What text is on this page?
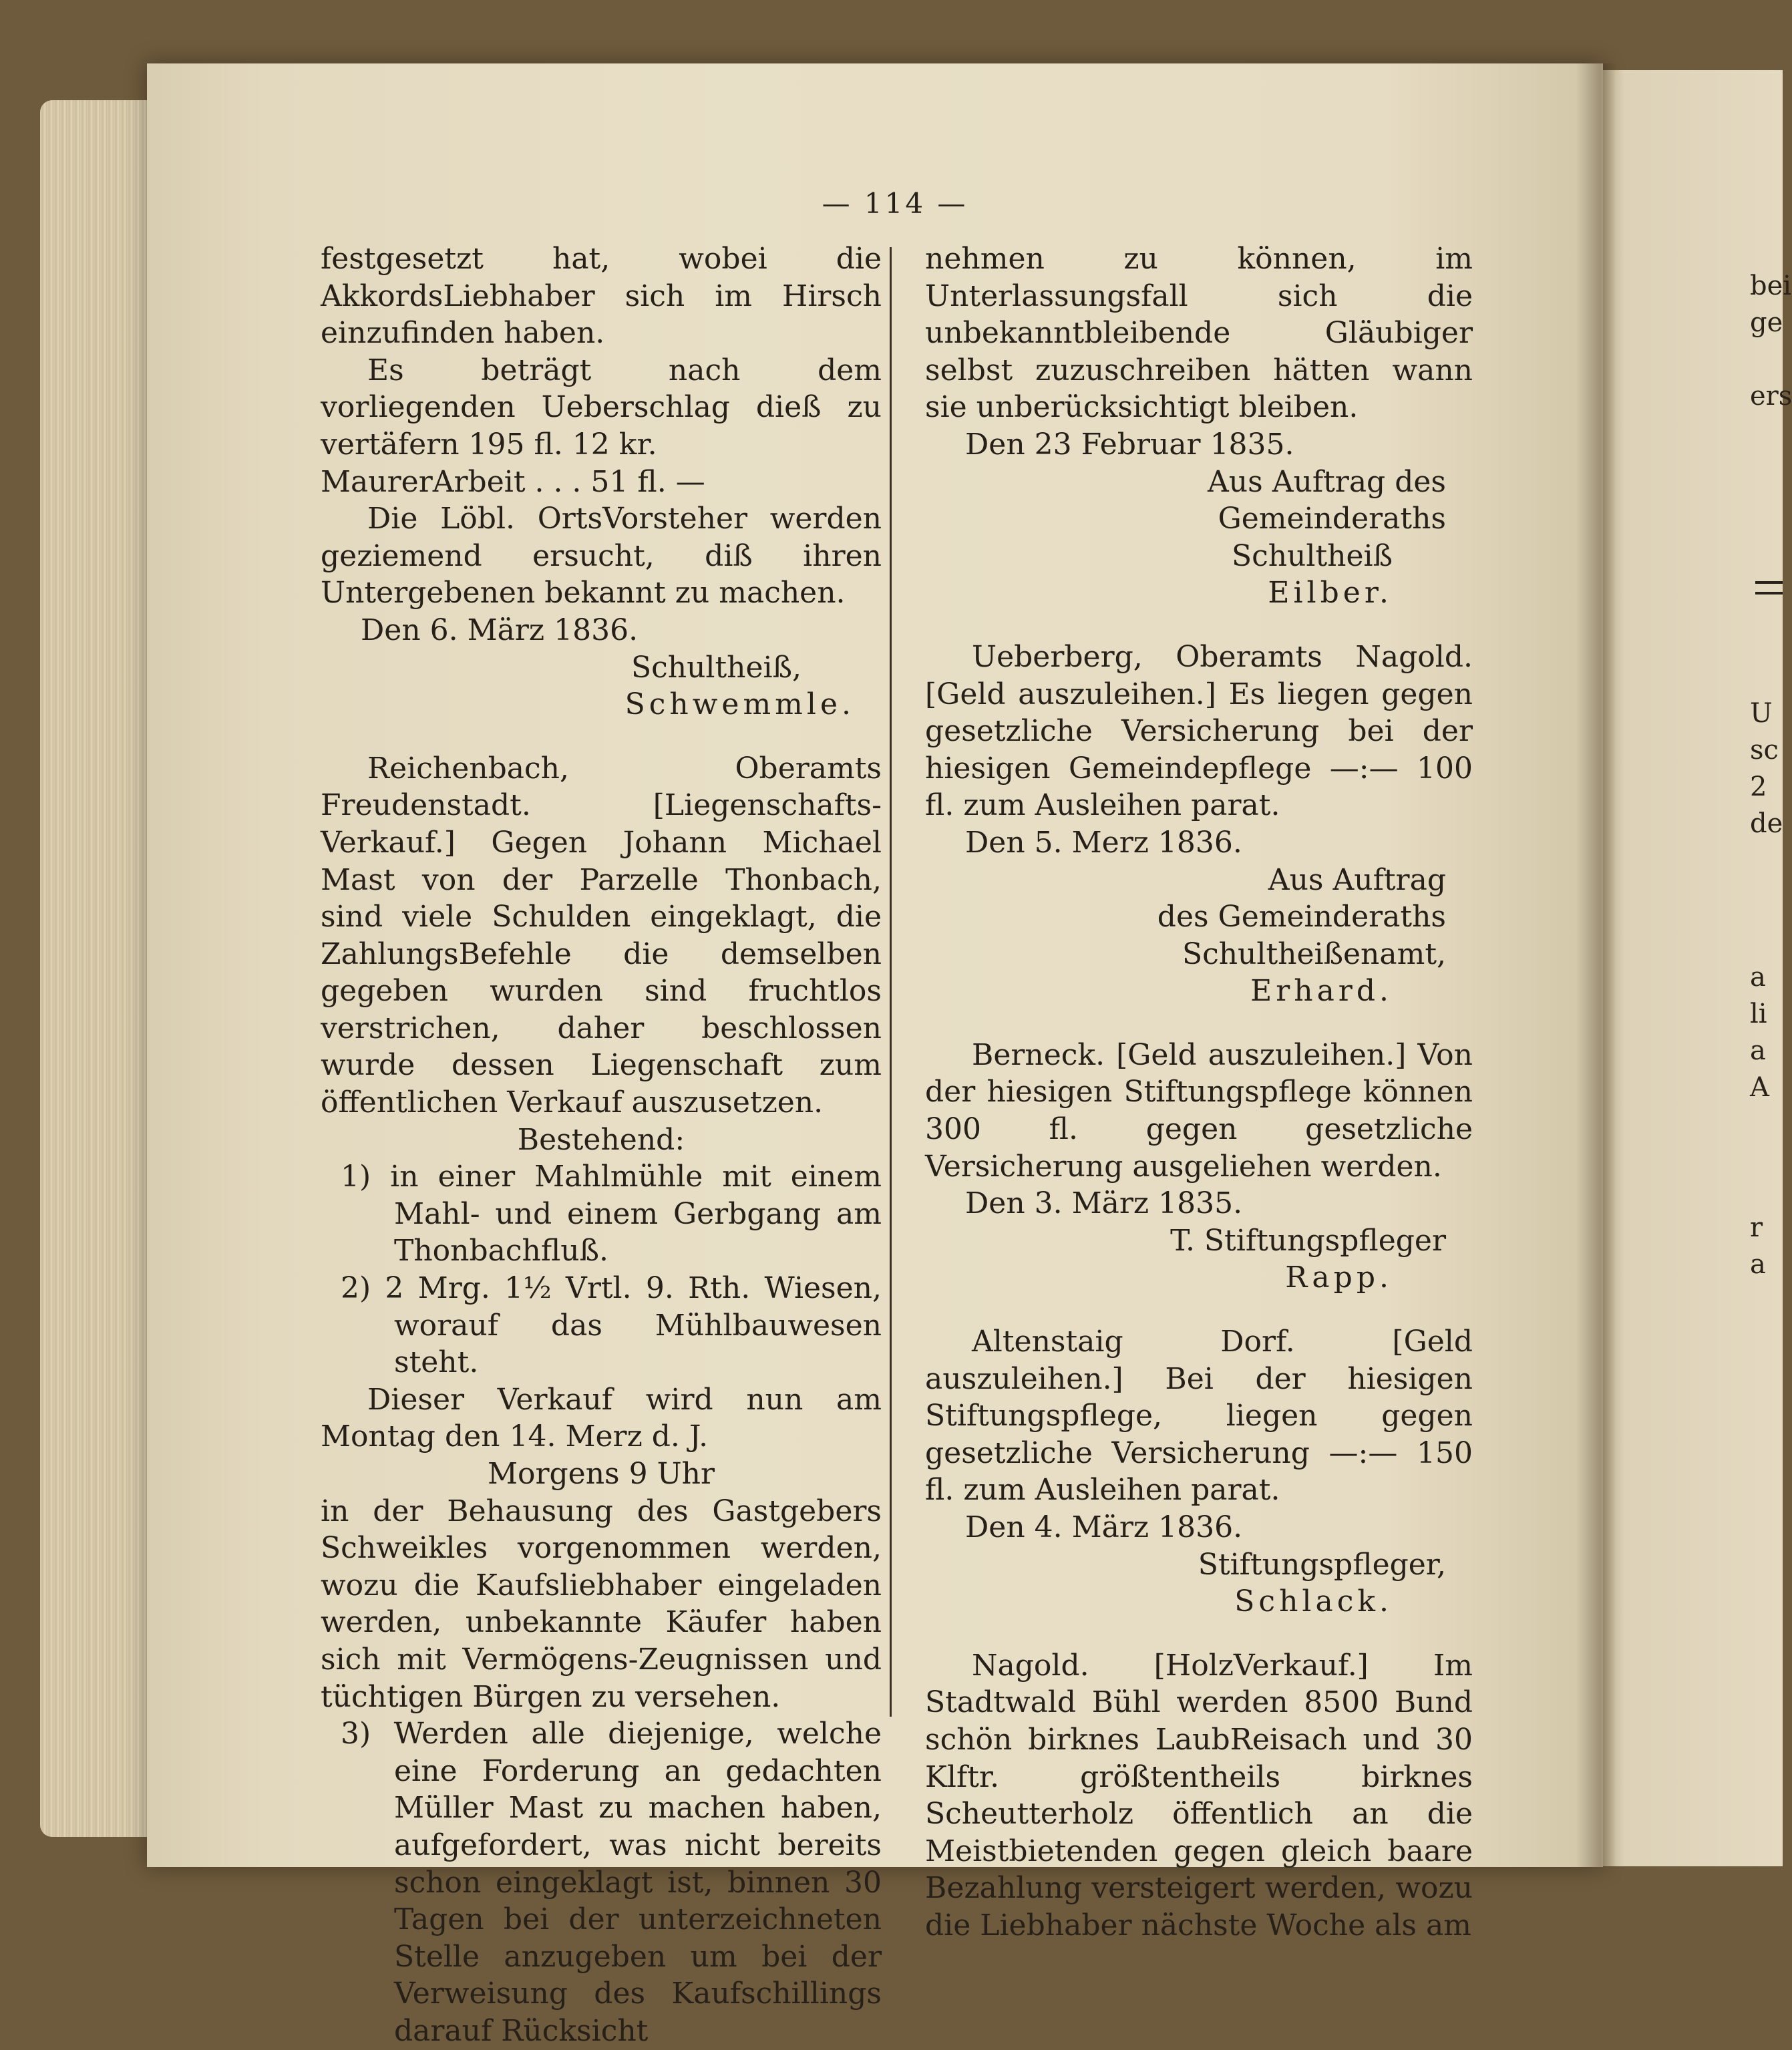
— 114 —

festgesetzt hat, wobei die AkkordsLiebhaber sich im Hirsch einzufinden haben.

Es beträgt nach dem vorliegenden Ueberschlag dieß zu vertäfern 195 fl. 12 kr.

MaurerArbeit . . . 51 fl. —

Die Löbl. OrtsVorsteher werden geziemend ersucht, diß ihren Untergebenen bekannt zu machen.

Den 6. März 1836.

Schultheiß,

Schwemmle.

Reichenbach, Oberamts Freudenstadt. [Liegenschafts-Verkauf.] Gegen Johann Michael Mast von der Parzelle Thonbach, sind viele Schulden eingeklagt, die ZahlungsBefehle die demselben gegeben wurden sind fruchtlos verstrichen, daher beschlossen wurde dessen Liegenschaft zum öffentlichen Verkauf auszusetzen.

Bestehend:

1) in einer Mahlmühle mit einem Mahl- und einem Gerbgang am Thonbachfluß.

2) 2 Mrg. 1½ Vrtl. 9. Rth. Wiesen, worauf das Mühlbauwesen steht.

Dieser Verkauf wird nun am Montag den 14. Merz d. J.

Morgens 9 Uhr

in der Behausung des Gastgebers Schweikles vorgenommen werden, wozu die Kaufsliebhaber eingeladen werden, unbekannte Käufer haben sich mit Vermögens-Zeugnissen und tüchtigen Bürgen zu versehen.

3) Werden alle diejenige, welche eine Forderung an gedachten Müller Mast zu machen haben, aufgefordert, was nicht bereits schon eingeklagt ist, binnen 30 Tagen bei der unterzeichneten Stelle anzugeben um bei der Verweisung des Kaufschillings darauf Rücksicht

nehmen zu können, im Unterlassungsfall sich die unbekanntbleibende Gläubiger selbst zuzuschreiben hätten wann sie unberücksichtigt bleiben.

Den 23 Februar 1835.

Aus Auftrag des

Gemeinderaths

Schultheiß

Eilber.

Ueberberg, Oberamts Nagold. [Geld auszuleihen.] Es liegen gegen gesetzliche Versicherung bei der hiesigen Gemeindepflege —:— 100 fl. zum Ausleihen parat.

Den 5. Merz 1836.

Aus Auftrag

des Gemeinderaths

Schultheißenamt,

Erhard.

Berneck. [Geld auszuleihen.] Von der hiesigen Stiftungspflege können 300 fl. gegen gesetzliche Versicherung ausgeliehen werden.

Den 3. März 1835.

T. Stiftungspfleger

Rapp.

Altenstaig Dorf. [Geld auszuleihen.] Bei der hiesigen Stiftungspflege, liegen gegen gesetzliche Versicherung —:— 150 fl. zum Ausleihen parat.

Den 4. März 1836.

Stiftungspfleger,

Schlack.

Nagold. [HolzVerkauf.] Im Stadtwald Bühl werden 8500 Bund schön birknes LaubReisach und 30 Klftr. größtentheils birknes Scheutterholz öffentlich an die Meistbietenden gegen gleich baare Bezahlung versteigert werden, wozu die Liebhaber nächste Woche als am

bei
ge
ers
U
sc
2
de
a
li
a
A
r
a
